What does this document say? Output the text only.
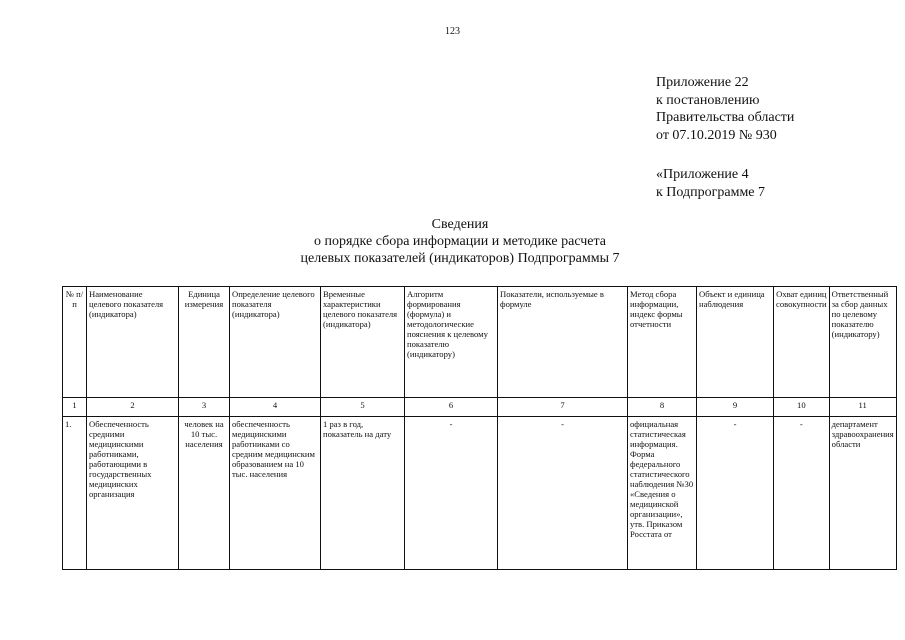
123
Приложение 22
к постановлению
Правительства области
от 07.10.2019 № 930
«Приложение 4
к Подпрограмме 7
Сведения
о порядке сбора информации и методике расчета
целевых показателей (индикаторов) Подпрограммы 7
№ п/п	Наименование целевого показателя (индикатора)	Единица измерения	Определение целевого показателя (индикатора)	Временные характеристики целевого показателя (индикатора)	Алгоритм формирования (формула) и методологические пояснения к целевому показателю (индикатору)	Показатели, используемые в формуле	Метод сбора информации, индекс формы отчетности	Объект и единица наблюдения	Охват единиц совокупности	Ответственный за сбор данных по целевому показателю (индикатору)
1	2	3	4	5	6	7	8	9	10	11
1.	Обеспеченность средними медицинскими работниками, работающими в государственных медицинских организация	человек на 10 тыс. населения	обеспеченность медицинскими работниками со средним медицинским образованием на 10 тыс. населения	1 раз в год, показатель на дату	-	-	официальная статистическая информация. Форма федерального статистического наблюдения №30 «Сведения о медицинской организации», утв. Приказом Росстата от	-	-	департамент здравоохранения области
